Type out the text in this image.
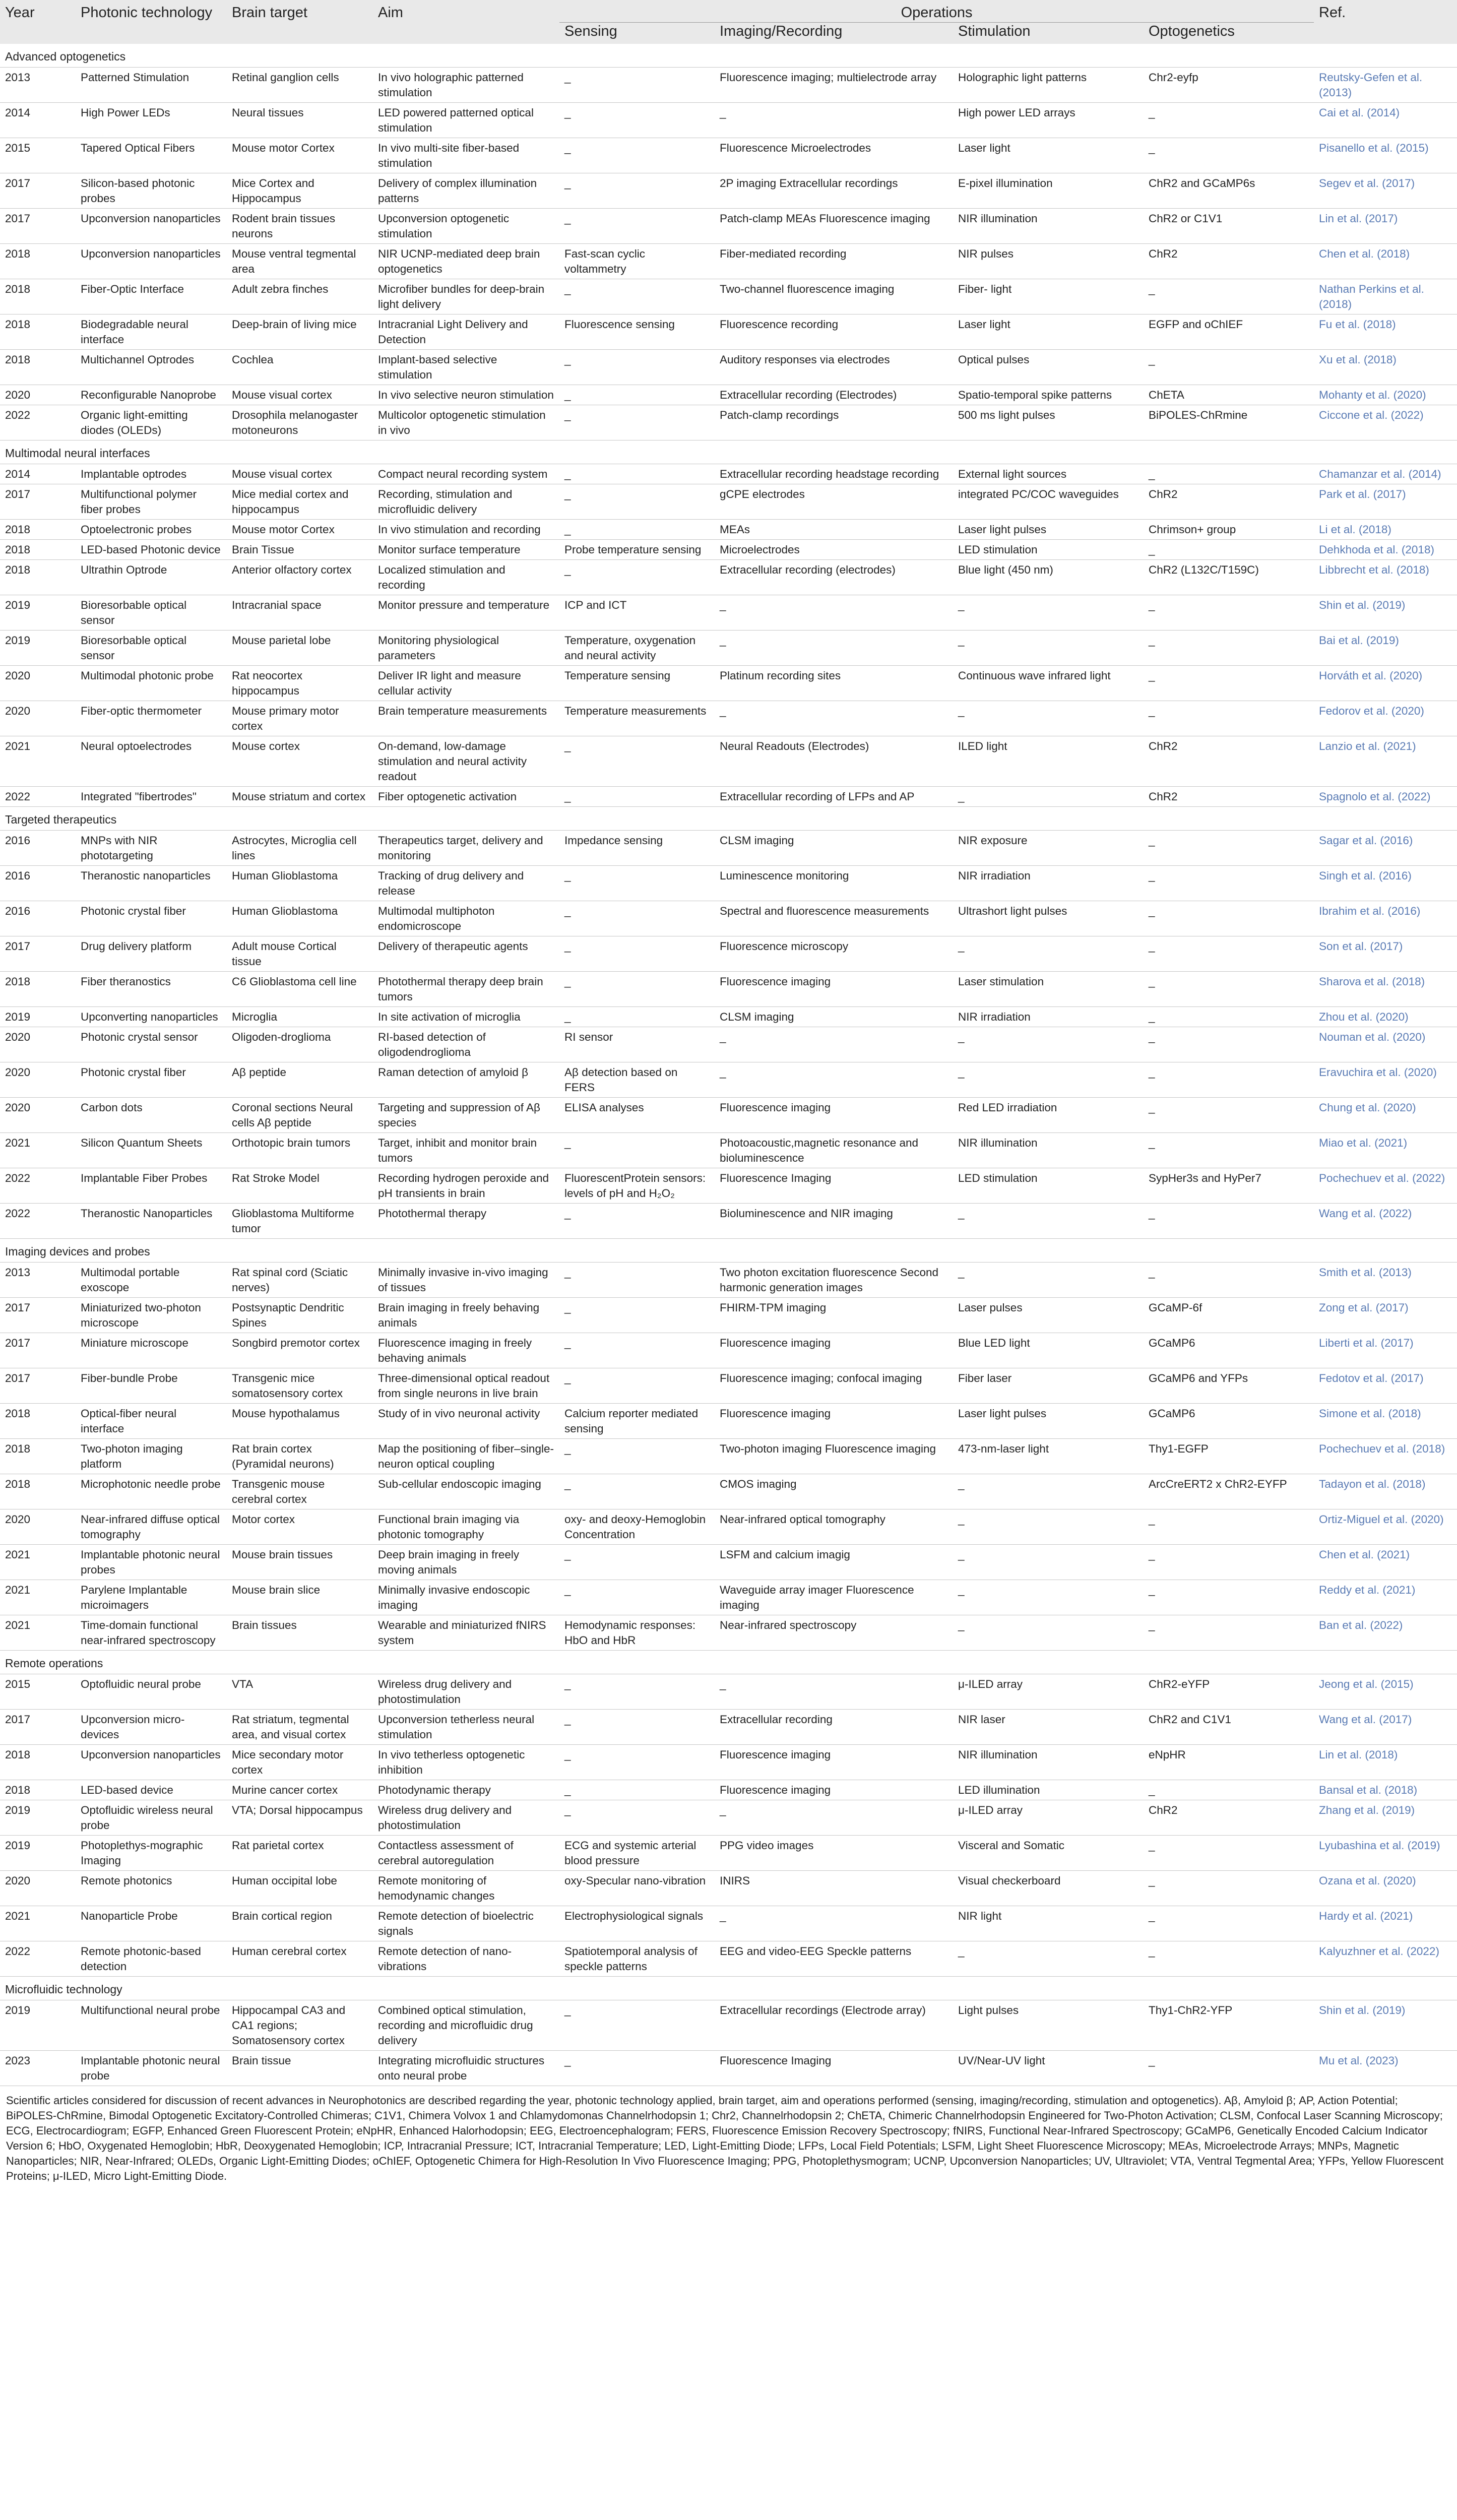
Year	Photonic technology	Brain target	Aim	Operations				Ref.
				Sensing	Imaging/Recording	Stimulation	Optogenetics	
Advanced optogenetics								
2013	Patterned Stimulation	Retinal ganglion cells	In vivo holographic patterned stimulation	_	Fluorescence imaging; multielectrode array	Holographic light patterns	Chr2-eyfp	Reutsky-Gefen et al. (2013)
2014	High Power LEDs	Neural tissues	LED powered patterned optical stimulation	_	_	High power LED arrays	_	Cai et al. (2014)
2015	Tapered Optical Fibers	Mouse motor Cortex	In vivo multi-site fiber-based stimulation	_	Fluorescence Microelectrodes	Laser light	_	Pisanello et al. (2015)
2017	Silicon-based photonic probes	Mice Cortex and Hippocampus	Delivery of complex illumination patterns	_	2P imaging Extracellular recordings	E-pixel illumination	ChR2 and GCaMP6s	Segev et al. (2017)
2017	Upconversion nanoparticles	Rodent brain tissues neurons	Upconversion optogenetic stimulation	_	Patch-clamp MEAs Fluorescence imaging	NIR illumination	ChR2 or C1V1	Lin et al. (2017)
2018	Upconversion nanoparticles	Mouse ventral tegmental area	NIR UCNP-mediated deep brain optogenetics	Fast-scan cyclic voltammetry	Fiber-mediated recording	NIR pulses	ChR2	Chen et al. (2018)
2018	Fiber-Optic Interface	Adult zebra finches	Microfiber bundles for deep-brain light delivery	_	Two-channel fluorescence imaging	Fiber- light	_	Nathan Perkins et al. (2018)
2018	Biodegradable neural interface	Deep-brain of living mice	Intracranial Light Delivery and Detection	Fluorescence sensing	Fluorescence recording	Laser light	EGFP and oChIEF	Fu et al. (2018)
2018	Multichannel Optrodes	Cochlea	Implant-based selective stimulation	_	Auditory responses via electrodes	Optical pulses	_	Xu et al. (2018)
2020	Reconfigurable Nanoprobe	Mouse visual cortex	In vivo selective neuron stimulation	_	Extracellular recording (Electrodes)	Spatio-temporal spike patterns	ChETA	Mohanty et al. (2020)
2022	Organic light-emitting diodes (OLEDs)	Drosophila melanogaster motoneurons	Multicolor optogenetic stimulation in vivo	_	Patch-clamp recordings	500 ms light pulses	BiPOLES-ChRmine	Ciccone et al. (2022)
Multimodal neural interfaces								
2014	Implantable optrodes	Mouse visual cortex	Compact neural recording system	_	Extracellular recording headstage recording	External light sources	_	Chamanzar et al. (2014)
2017	Multifunctional polymer fiber probes	Mice medial cortex and hippocampus	Recording, stimulation and microfluidic delivery	_	gCPE electrodes	integrated PC/COC waveguides	ChR2	Park et al. (2017)
2018	Optoelectronic probes	Mouse motor Cortex	In vivo stimulation and recording	_	MEAs	Laser light pulses	Chrimson+ group	Li et al. (2018)
2018	LED-based Photonic device	Brain Tissue	Monitor surface temperature	Probe temperature sensing	Microelectrodes	LED stimulation	_	Dehkhoda et al. (2018)
2018	Ultrathin Optrode	Anterior olfactory cortex	Localized stimulation and recording	_	Extracellular recording (electrodes)	Blue light (450 nm)	ChR2 (L132C/T159C)	Libbrecht et al. (2018)
2019	Bioresorbable optical sensor	Intracranial space	Monitor pressure and temperature	ICP and ICT	_	_	_	Shin et al. (2019)
2019	Bioresorbable optical sensor	Mouse parietal lobe	Monitoring physiological parameters	Temperature, oxygenation and neural activity	_	_	_	Bai et al. (2019)
2020	Multimodal photonic probe	Rat neocortex hippocampus	Deliver IR light and measure cellular activity	Temperature sensing	Platinum recording sites	Continuous wave infrared light	_	Horváth et al. (2020)
2020	Fiber-optic thermometer	Mouse primary motor cortex	Brain temperature measurements	Temperature measurements	_	_	_	Fedorov et al. (2020)
2021	Neural optoelectrodes	Mouse cortex	On-demand, low-damage stimulation and neural activity readout	_	Neural Readouts (Electrodes)	ILED light	ChR2	Lanzio et al. (2021)
2022	Integrated "fibertrodes"	Mouse striatum and cortex	Fiber optogenetic activation	_	Extracellular recording of LFPs and AP	_	ChR2	Spagnolo et al. (2022)
Targeted therapeutics								
2016	MNPs with NIR phototargeting	Astrocytes, Microglia cell lines	Therapeutics target, delivery and monitoring	Impedance sensing	CLSM imaging	NIR exposure	_	Sagar et al. (2016)
2016	Theranostic nanoparticles	Human Glioblastoma	Tracking of drug delivery and release	_	Luminescence monitoring	NIR irradiation	_	Singh et al. (2016)
2016	Photonic crystal fiber	Human Glioblastoma	Multimodal multiphoton endomicroscope	_	Spectral and fluorescence measurements	Ultrashort light pulses	_	Ibrahim et al. (2016)
2017	Drug delivery platform	Adult mouse Cortical tissue	Delivery of therapeutic agents	_	Fluorescence microscopy	_	_	Son et al. (2017)
2018	Fiber theranostics	C6 Glioblastoma cell line	Photothermal therapy deep brain tumors	_	Fluorescence imaging	Laser stimulation	_	Sharova et al. (2018)
2019	Upconverting nanoparticles	Microglia	In site activation of microglia	_	CLSM imaging	NIR irradiation	_	Zhou et al. (2020)
2020	Photonic crystal sensor	Oligoden-droglioma	RI-based detection of oligodendroglioma	RI sensor	_	_	_	Nouman et al. (2020)
2020	Photonic crystal fiber	Aβ peptide	Raman detection of amyloid β	Aβ detection based on FERS	_	_	_	Eravuchira et al. (2020)
2020	Carbon dots	Coronal sections Neural cells Aβ peptide	Targeting and suppression of Aβ species	ELISA analyses	Fluorescence imaging	Red LED irradiation	_	Chung et al. (2020)
2021	Silicon Quantum Sheets	Orthotopic brain tumors	Target, inhibit and monitor brain tumors	_	Photoacoustic,magnetic resonance and bioluminescence	NIR illumination	_	Miao et al. (2021)
2022	Implantable Fiber Probes	Rat Stroke Model	Recording hydrogen peroxide and pH transients in brain	FluorescentProtein sensors: levels of pH and H₂O₂	Fluorescence Imaging	LED stimulation	SypHer3s and HyPer7	Pochechuev et al. (2022)
2022	Theranostic Nanoparticles	Glioblastoma Multiforme tumor	Photothermal therapy	_	Bioluminescence and NIR imaging	_	_	Wang et al. (2022)
Imaging devices and probes								
2013	Multimodal portable exoscope	Rat spinal cord (Sciatic nerves)	Minimally invasive in-vivo imaging of tissues	_	Two photon excitation fluorescence Second harmonic generation images	_	_	Smith et al. (2013)
2017	Miniaturized two-photon microscope	Postsynaptic Dendritic Spines	Brain imaging in freely behaving animals	_	FHIRM-TPM imaging	Laser pulses	GCaMP-6f	Zong et al. (2017)
2017	Miniature microscope	Songbird premotor cortex	Fluorescence imaging in freely behaving animals	_	Fluorescence imaging	Blue LED light	GCaMP6	Liberti et al. (2017)
2017	Fiber-bundle Probe	Transgenic mice somatosensory cortex	Three-dimensional optical readout from single neurons in live brain	_	Fluorescence imaging; confocal imaging	Fiber laser	GCaMP6 and YFPs	Fedotov et al. (2017)
2018	Optical-fiber neural interface	Mouse hypothalamus	Study of in vivo neuronal activity	Calcium reporter mediated sensing	Fluorescence imaging	Laser light pulses	GCaMP6	Simone et al. (2018)
2018	Two-photon imaging platform	Rat brain cortex (Pyramidal neurons)	Map the positioning of fiber–single-neuron optical coupling	_	Two-photon imaging Fluorescence imaging	473-nm-laser light	Thy1-EGFP	Pochechuev et al. (2018)
2018	Microphotonic needle probe	Transgenic mouse cerebral cortex	Sub-cellular endoscopic imaging	_	CMOS imaging	_	ArcCreERT2 x ChR2-EYFP	Tadayon et al. (2018)
2020	Near-infrared diffuse optical tomography	Motor cortex	Functional brain imaging via photonic tomography	oxy- and deoxy-Hemoglobin Concentration	Near-infrared optical tomography	_	_	Ortiz-Miguel et al. (2020)
2021	Implantable photonic neural probes	Mouse brain tissues	Deep brain imaging in freely moving animals	_	LSFM and calcium imagig	_	_	Chen et al. (2021)
2021	Parylene Implantable microimagers	Mouse brain slice	Minimally invasive endoscopic imaging	_	Waveguide array imager Fluorescence imaging	_	_	Reddy et al. (2021)
2021	Time-domain functional near-infrared spectroscopy	Brain tissues	Wearable and miniaturized fNIRS system	Hemodynamic responses: HbO and HbR	Near-infrared spectroscopy	_	_	Ban et al. (2022)
Remote operations								
2015	Optofluidic neural probe	VTA	Wireless drug delivery and photostimulation	_	_	μ-ILED array	ChR2-eYFP	Jeong et al. (2015)
2017	Upconversion micro-devices	Rat striatum, tegmental area, and visual cortex	Upconversion tetherless neural stimulation	_	Extracellular recording	NIR laser	ChR2 and C1V1	Wang et al. (2017)
2018	Upconversion nanoparticles	Mice secondary motor cortex	In vivo tetherless optogenetic inhibition	_	Fluorescence imaging	NIR illumination	eNpHR	Lin et al. (2018)
2018	LED-based device	Murine cancer cortex	Photodynamic therapy	_	Fluorescence imaging	LED illumination	_	Bansal et al. (2018)
2019	Optofluidic wireless neural probe	VTA; Dorsal hippocampus	Wireless drug delivery and photostimulation	_	_	μ-ILED array	ChR2	Zhang et al. (2019)
2019	Photoplethys-mographic Imaging	Rat parietal cortex	Contactless assessment of cerebral autoregulation	ECG and systemic arterial blood pressure	PPG video images	Visceral and Somatic	_	Lyubashina et al. (2019)
2020	Remote photonics	Human occipital lobe	Remote monitoring of hemodynamic changes	oxy-Specular nano-vibration	INIRS	Visual checkerboard	_	Ozana et al. (2020)
2021	Nanoparticle Probe	Brain cortical region	Remote detection of bioelectric signals	Electrophysiological signals	_	NIR light	_	Hardy et al. (2021)
2022	Remote photonic-based detection	Human cerebral cortex	Remote detection of nano-vibrations	Spatiotemporal analysis of speckle patterns	EEG and video-EEG Speckle patterns	_	_	Kalyuzhner et al. (2022)
Microfluidic technology								
2019	Multifunctional neural probe	Hippocampal CA3 and CA1 regions; Somatosensory cortex	Combined optical stimulation, recording and microfluidic drug delivery	_	Extracellular recordings (Electrode array)	Light pulses	Thy1-ChR2-YFP	Shin et al. (2019)
2023	Implantable photonic neural probe	Brain tissue	Integrating microfluidic structures onto neural probe	_	Fluorescence Imaging	UV/Near-UV light	_	Mu et al. (2023)
Scientific articles considered for discussion of recent advances in Neurophotonics are described regarding the year, photonic technology applied, brain target, aim and operations performed (sensing, imaging/recording, stimulation and optogenetics). Aβ, Amyloid β; AP, Action Potential; BiPOLES-ChRmine, Bimodal Optogenetic Excitatory-Controlled Chimeras; C1V1, Chimera Volvox 1 and Chlamydomonas Channelrhodopsin 1; Chr2, Channelrhodopsin 2; ChETA, Chimeric Channelrhodopsin Engineered for Two-Photon Activation; CLSM, Confocal Laser Scanning Microscopy; ECG, Electrocardiogram; EGFP, Enhanced Green Fluorescent Protein; eNpHR, Enhanced Halorhodopsin; EEG, Electroencephalogram; FERS, Fluorescence Emission Recovery Spectroscopy; fNIRS, Functional Near-Infrared Spectroscopy; GCaMP6, Genetically Encoded Calcium Indicator Version 6; HbO, Oxygenated Hemoglobin; HbR, Deoxygenated Hemoglobin; ICP, Intracranial Pressure; ICT, Intracranial Temperature; LED, Light-Emitting Diode; LFPs, Local Field Potentials; LSFM, Light Sheet Fluorescence Microscopy; MEAs, Microelectrode Arrays; MNPs, Magnetic Nanoparticles; NIR, Near-Infrared; OLEDs, Organic Light-Emitting Diodes; oChIEF, Optogenetic Chimera for High-Resolution In Vivo Fluorescence Imaging; PPG, Photoplethysmogram; UCNP, Upconversion Nanoparticles; UV, Ultraviolet; VTA, Ventral Tegmental Area; YFPs, Yellow Fluorescent Proteins; μ-ILED, Micro Light-Emitting Diode.
